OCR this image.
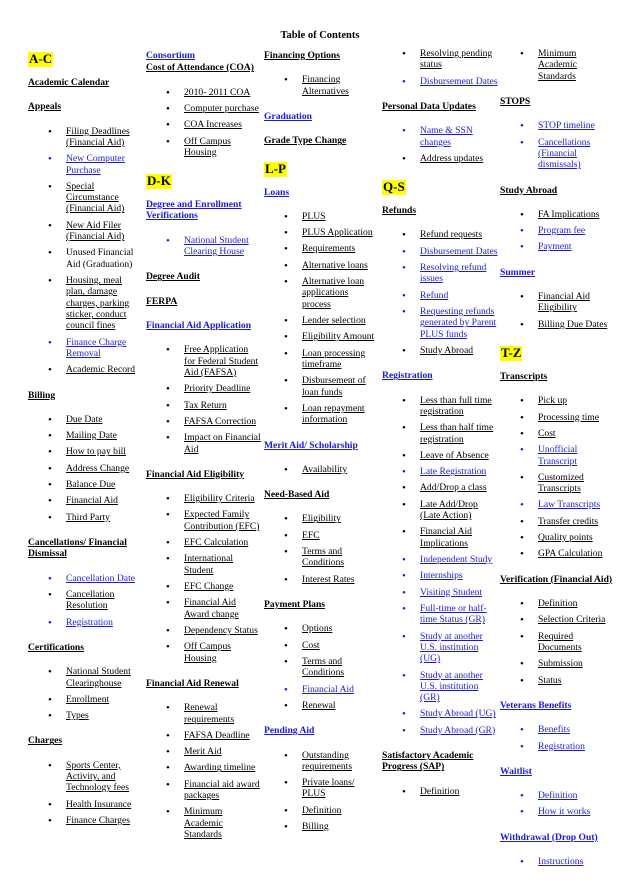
Table of Contents
A-C
Academic Calendar
Appeals
• Filing Deadlines (Financial Aid)
• New Computer Purchase
• Special Circumstance (Financial Aid)
• New Aid Filer (Financial Aid)
• Unused Financial Aid (Graduation)
• Housing, meal plan, damage charges, parking sticker, conduct council fines
• Finance Charge Removal
• Academic Record
Billing
• Due Date
• Mailing Date
• How to pay bill
• Address Change
• Balance Due
• Financial Aid
• Third Party
Cancellations/ Financial Dismissal
• Cancellation Date
• Cancellation Resolution
• Registration
Certifications
• National Student Clearinghouse
• Enrollment
• Types
Charges
• Sports Center, Activity, and Technology fees
• Health Insurance
• Finance Charges
Consortium
Cost of Attendance (COA)
• 2010- 2011 COA
• Computer purchase
• COA Increases
• Off Campus Housing
D-K
Degree and Enrollment Verifications
• National Student Clearing House
Degree Audit
FERPA
Financial Aid Application
• Free Application for Federal Student Aid (FAFSA)
• Priority Deadline
• Tax Return
• FAFSA Correction
• Impact on Financial Aid
Financial Aid Eligibility
• Eligibility Criteria
• Expected Family Contribution (EFC)
• EFC Calculation
• International Student
• EFC Change
• Financial Aid Award change
• Dependency Status
• Off Campus Housing
Financial Aid Renewal
• Renewal requirements
• FAFSA Deadline
• Merit Aid
• Awarding timeline
• Financial aid award packages
• Minimum Academic Standards
Financing Options
• Financing Alternatives
Graduation
Grade Type Change
L-P
Loans
• PLUS
• PLUS Application
• Requirements
• Alternative loans
• Alternative loan applications process
• Lender selection
• Eligibility Amount
• Loan processing timeframe
• Disbursement of loan funds
• Loan repayment information
Merit Aid/ Scholarship
• Availability
Need-Based Aid
• Eligibility
• EFC
• Terms and Conditions
• Interest Rates
Payment Plans
• Options
• Cost
• Terms and Conditions
• Financial Aid
• Renewal
Pending Aid
• Outstanding requirements
• Private loans/ PLUS
• Definition
• Billing
• Resolving pending status
• Disbursement Dates
Personal Data Updates
• Name & SSN changes
• Address updates
Q-S
Refunds
• Refund requests
• Disbursement Dates
• Resolving refund issues
• Refund
• Requesting refunds generated by Parent PLUS funds
• Study Abroad
Registration
• Less than full time registration
• Less than half time registration
• Leave of Absence
• Late Registration
• Add/Drop a class
• Late Add/Drop (Late Action)
• Financial Aid Implications
• Independent Study
• Internships
• Visiting Student
• Full-time or half-time Status (GR)
• Study at another U.S. institution (UG)
• Study at another U.S. institution (GR)
• Study Abroad (UG)
• Study Abroad (GR)
Satisfactory Academic Progress (SAP)
• Definition
• Minimum Academic Standards
STOPS
• STOP timeline
• Cancellations (Financial dismissals)
Study Abroad
• FA Implications
• Program fee
• Payment
Summer
• Financial Aid Eligibility
• Billing Due Dates
T-Z
Transcripts
• Pick up
• Processing time
• Cost
• Unofficial Transcript
• Customized Transcripts
• Law Transcripts
• Transfer credits
• Quality points
• GPA Calculation
Verification (Financial Aid)
• Definition
• Selection Criteria
• Required Documents
• Submission
• Status
Veterans Benefits
• Benefits
• Registration
Waitlist
• Definition
• How it works
Withdrawal (Drop Out)
• Instructions
